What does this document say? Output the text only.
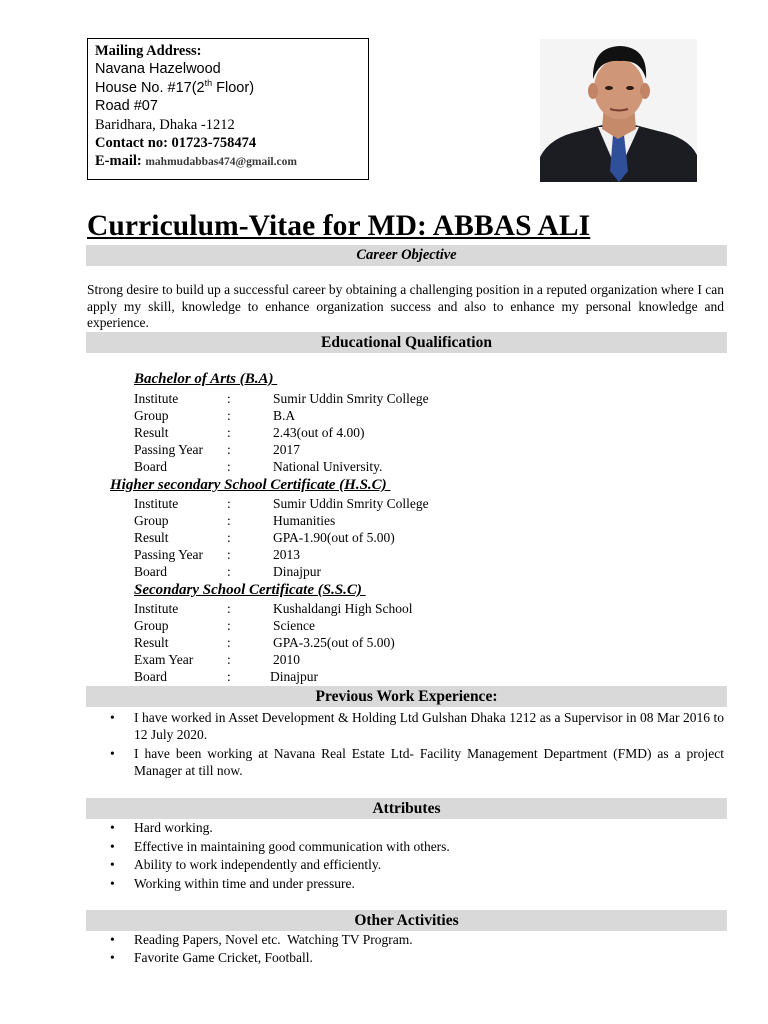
Mailing Address:
Navana Hazelwood
House No. #17(2th Floor)
Road #07
Baridhara, Dhaka -1212
Contact no: 01723-758474
E-mail: mahmudabbas474@gmail.com
Curriculum-Vitae for MD: ABBAS ALI
Career Objective
Strong desire to build up a successful career by obtaining a challenging position in a reputed organization where I can apply my skill, knowledge to enhance organization success and also to enhance my personal knowledge and experience.
Educational Qualification
Bachelor of Arts (B.A)
Institute	:	Sumir Uddin Smrity College
Group	:	B.A
Result	:	2.43(out of 4.00)
Passing Year :	2017
Board	:	National University.
Higher secondary School Certificate (H.S.C)
Institute	:	Sumir Uddin Smrity College
Group	:	Humanities
Result	:	GPA-1.90(out of 5.00)
Passing Year :	2013
Board	:	Dinajpur
Secondary School Certificate (S.S.C)
Institute	:	Kushaldangi High School
Group	:	Science
Result	:	GPA-3.25(out of 5.00)
Exam Year	:	2010
Board	:	Dinajpur
Previous Work Experience:
• I have worked in Asset Development & Holding Ltd Gulshan Dhaka 1212 as a Supervisor in 08 Mar 2016 to 12 July 2020.
• I have been working at Navana Real Estate Ltd- Facility Management Department (FMD) as a project Manager at till now.
Attributes
• Hard working.
• Effective in maintaining good communication with others.
• Ability to work independently and efficiently.
• Working within time and under pressure.
Other Activities
• Reading Papers, Novel etc.  Watching TV Program.
• Favorite Game Cricket, Football.
